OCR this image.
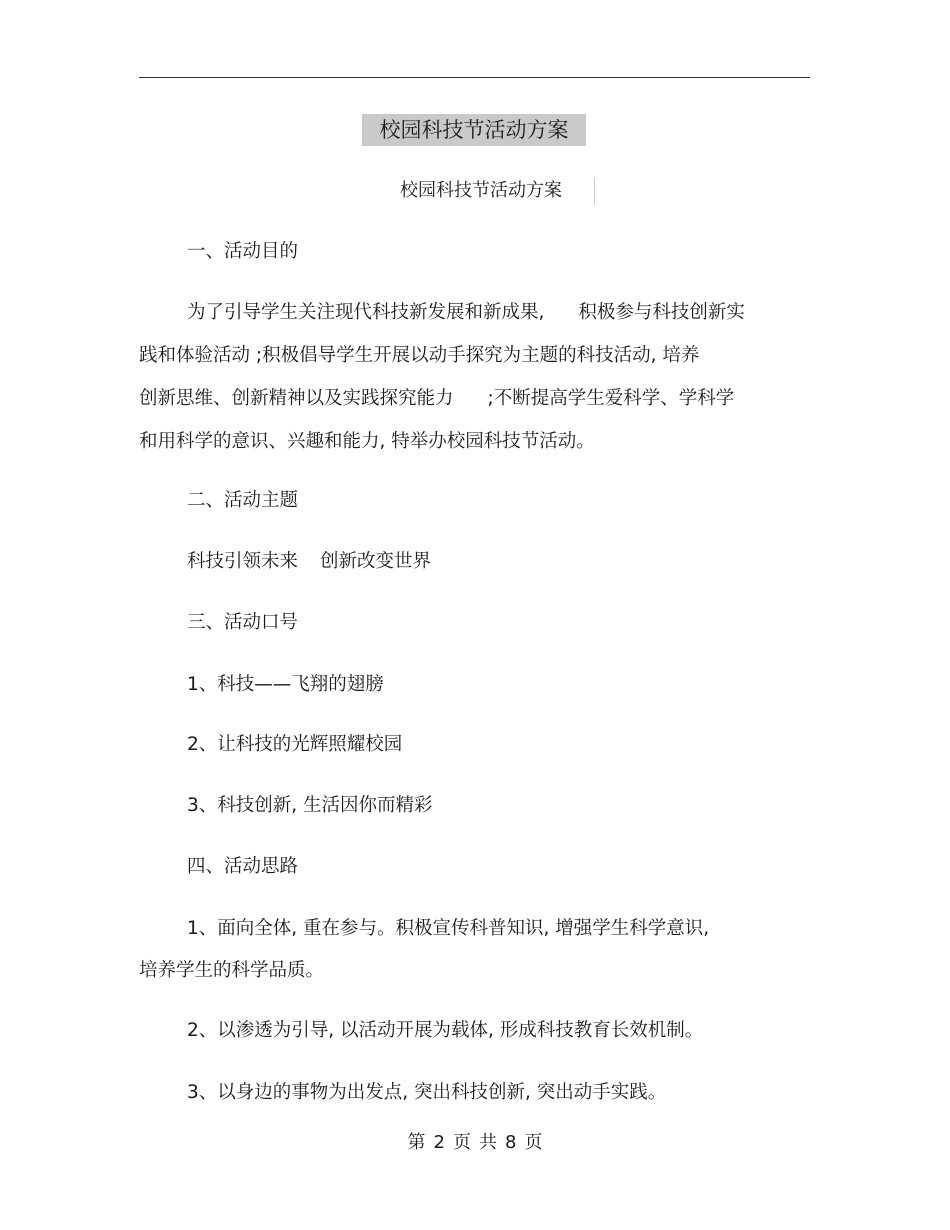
校园科技节活动方案
校园科技节活动方案
一、活动目的
为了引导学生关注现代科技新发展和新成果, 积极参与科技创新实
践和体验活动 ;积极倡导学生开展以动手探究为主题的科技活动, 培养
创新思维、创新精神以及实践探究能力 ;不断提高学生爱科学、学科学
和用科学的意识、兴趣和能力, 特举办校园科技节活动。
二、活动主题
科技引领未来 创新改变世界
三、活动口号
1、科技——飞翔的翅膀
2、让科技的光辉照耀校园
3、科技创新, 生活因你而精彩
四、活动思路
1、面向全体, 重在参与。积极宣传科普知识, 增强学生科学意识,
培养学生的科学品质。
2、以渗透为引导, 以活动开展为载体, 形成科技教育长效机制。
3、以身边的事物为出发点, 突出科技创新, 突出动手实践。
第 2 页 共 8 页
